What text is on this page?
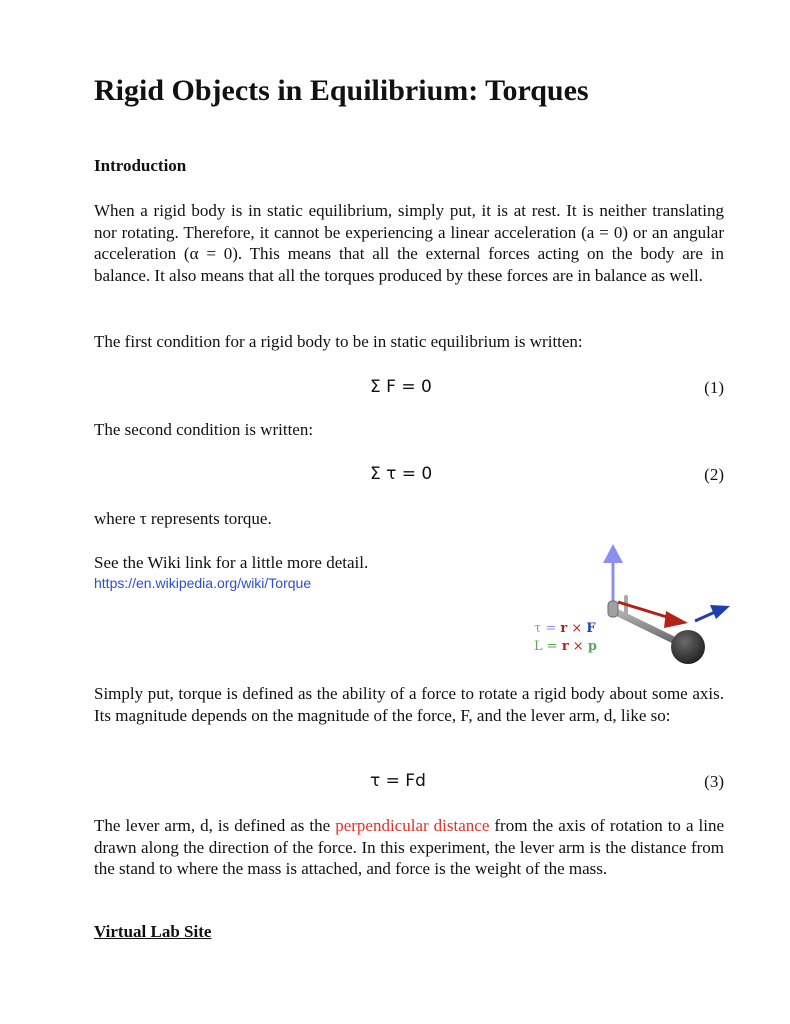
Rigid Objects in Equilibrium: Torques
Introduction
When a rigid body is in static equilibrium, simply put, it is at rest. It is neither translating nor rotating. Therefore, it cannot be experiencing a linear acceleration (a = 0) or an angular acceleration (α = 0). This means that all the external forces acting on the body are in balance. It also means that all the torques produced by these forces are in balance as well.
The first condition for a rigid body to be in static equilibrium is written:
Σ F = 0	(1)
The second condition is written:
Σ τ = 0	(2)
where τ represents torque.
See the Wiki link for a little more detail.
https://en.wikipedia.org/wiki/Torque
τ = r × F
L = r × p
Simply put, torque is defined as the ability of a force to rotate a rigid body about some axis. Its magnitude depends on the magnitude of the force, F, and the lever arm, d, like so:
τ = Fd	(3)
The lever arm, d, is defined as the perpendicular distance from the axis of rotation to a line drawn along the direction of the force. In this experiment, the lever arm is the distance from the stand to where the mass is attached, and force is the weight of the mass.
Virtual Lab Site
